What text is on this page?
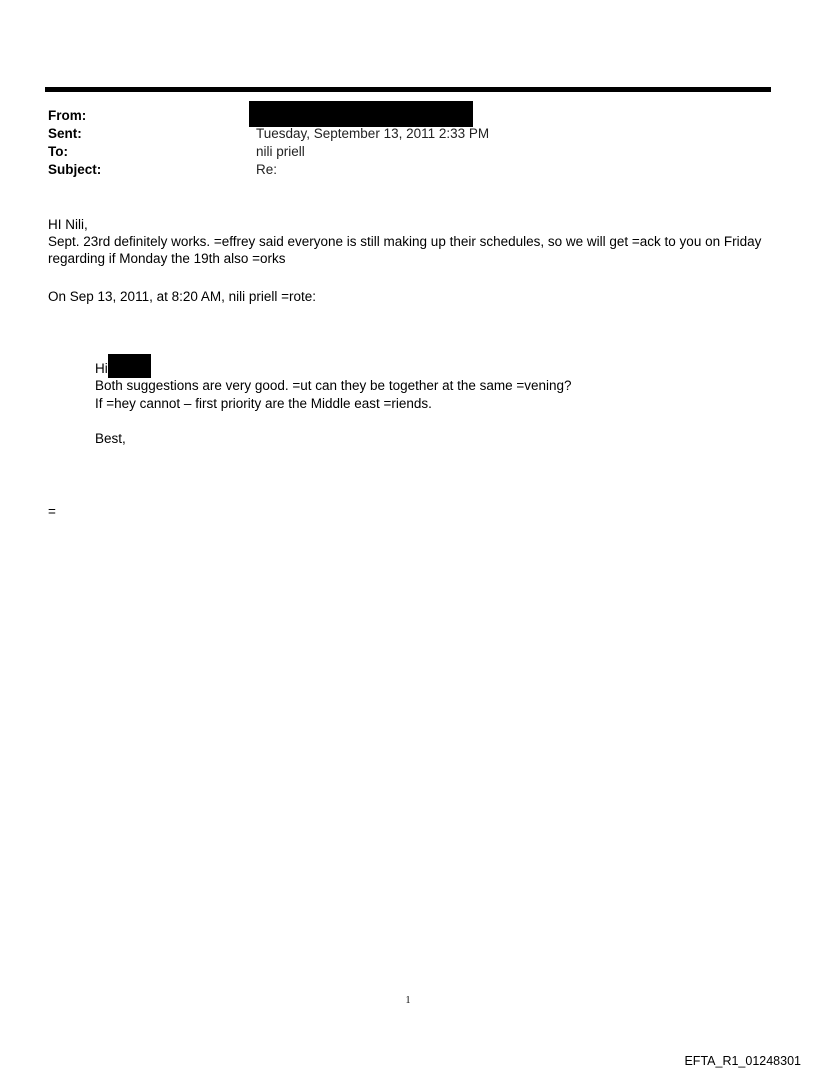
From:
Sent:	Tuesday, September 13, 2011 2:33 PM
To:	nili priell
Subject:	Re:
HI Nili,
Sept. 23rd definitely works. =effrey said everyone is still making up their schedules, so we will get =ack to you on Friday regarding if Monday the 19th also =orks
On Sep 13, 2011, at 8:20 AM, nili priell =rote:
Hi
Both suggestions are very good. =ut can they be together at the same =vening?
If =hey cannot – first priority are the Middle east =riends.
Best,
=
1
EFTA_R1_01248301
